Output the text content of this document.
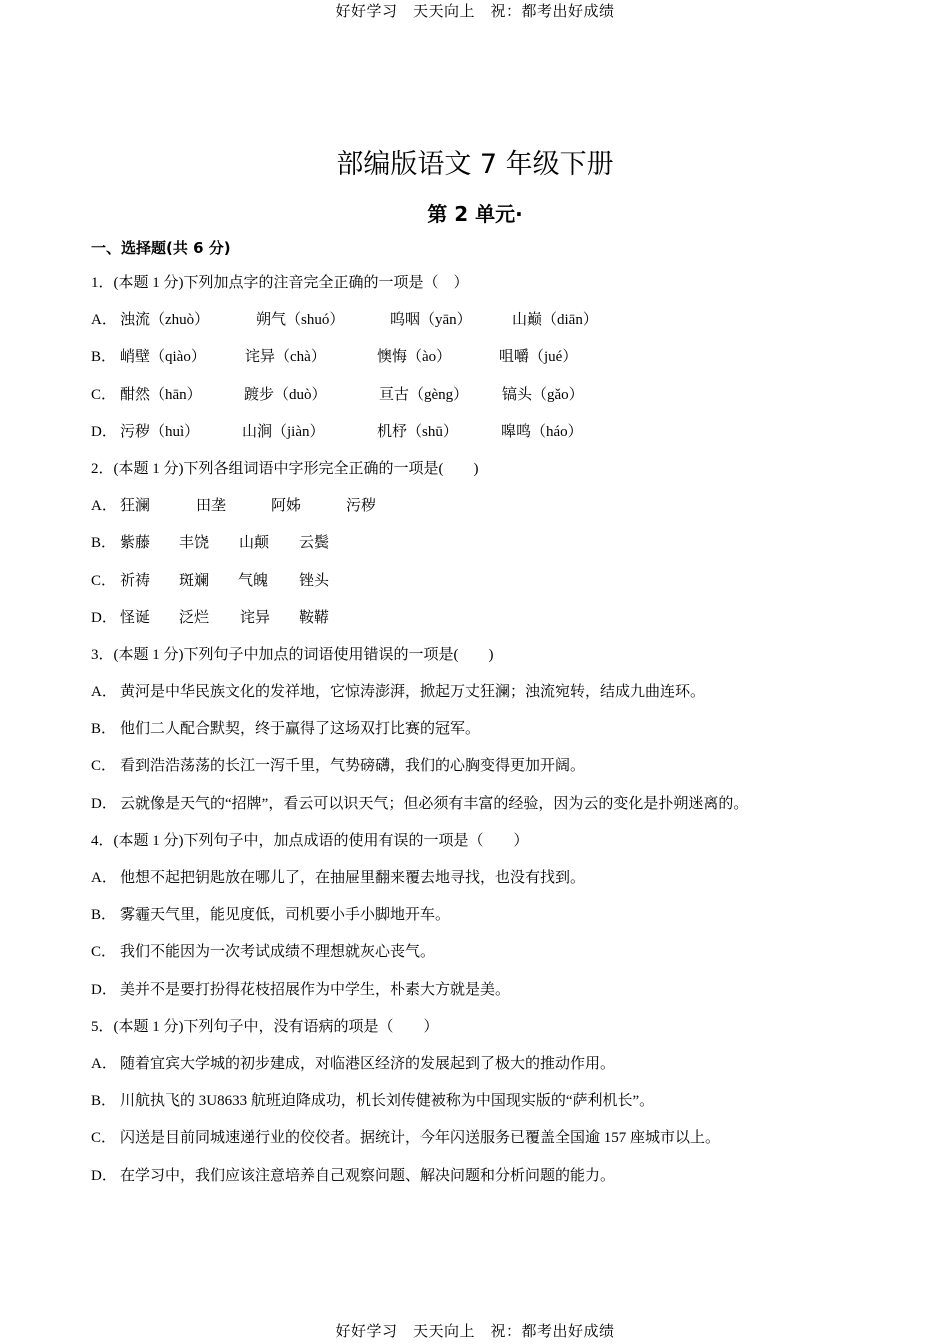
好好学习　天天向上　祝：都考出好成绩
部编版语文 7 年级下册
第 2 单元·
一、选择题(共 6 分)
1．(本题 1 分)下列加点字的注音完全正确的一项是（　）
A． 浊流（zhuò）	朔气（shuó）	呜咽（yān）	山巅（diān）
B． 峭壁（qiào）	诧异（chà）	懊悔（ào）	咀嚼（jué）
C． 酣然（hān）	踱步（duò）	亘古（gèng） 镐头（gǎo）
D． 污秽（huì）	山涧（jiàn）	机杼（shū）	嗥鸣（háo）
2．(本题 1 分)下列各组词语中字形完全正确的一项是(　　)
A． 狂澜	田垄	阿姊	污秽
B． 紫藤 丰饶 山颠 云鬓
C． 祈祷 斑斓 气魄 锉头
D． 怪诞 泛烂 诧异 鞍鞯
3．(本题 1 分)下列句子中加点的词语使用错误的一项是(　　)
A． 黄河是中华民族文化的发祥地，它惊涛澎湃，掀起万丈狂澜；浊流宛转，结成九曲连环。
B． 他们二人配合默契，终于赢得了这场双打比赛的冠军。
C． 看到浩浩荡荡的长江一泻千里，气势磅礴，我们的心胸变得更加开阔。
D． 云就像是天气的“招牌”，看云可以识天气；但必须有丰富的经验，因为云的变化是扑朔迷离的。
4．(本题 1 分)下列句子中，加点成语的使用有误的一项是（　　）
A． 他想不起把钥匙放在哪儿了，在抽屉里翻来覆去地寻找，也没有找到。
B． 雾霾天气里，能见度低，司机要小手小脚地开车。
C． 我们不能因为一次考试成绩不理想就灰心丧气。
D． 美并不是要打扮得花枝招展作为中学生，朴素大方就是美。
5．(本题 1 分)下列句子中，没有语病的项是（　　）
A． 随着宜宾大学城的初步建成，对临港区经济的发展起到了极大的推动作用。
B． 川航执飞的 3U8633 航班迫降成功，机长刘传健被称为中国现实版的“萨利机长”。
C． 闪送是目前同城速递行业的佼佼者。据统计，今年闪送服务已覆盖全国逾 157 座城市以上。
D． 在学习中，我们应该注意培养自己观察问题、解决问题和分析问题的能力。
好好学习　天天向上　祝：都考出好成绩
